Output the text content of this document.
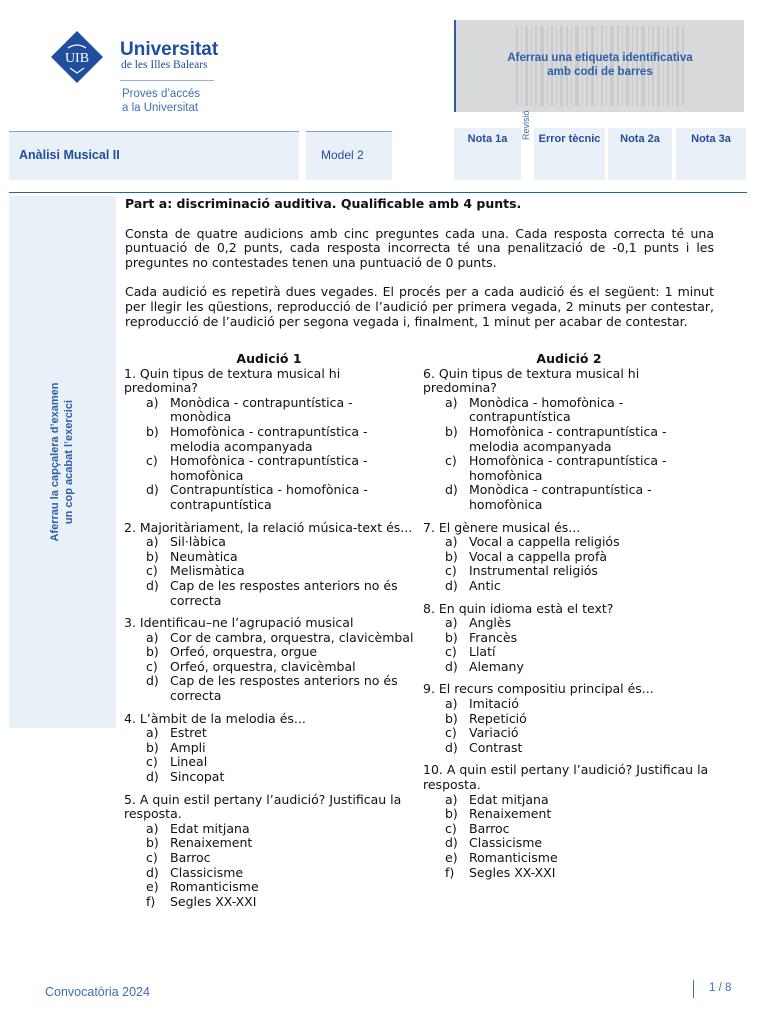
UIB Universitat
de les Illes Balears
Proves d’accés
a la Universitat
Aferrau una etiqueta identificativa
amb codi de barres
Anàlisi Musical II	Model 2
Nota 1a	Revisió Error tècnic	Nota 2a	Nota 3a
Aferrau la capçalera d’examen un cop acabat l’exercici

Part a: discriminació auditiva. Qualificable amb 4 punts.

Consta de quatre audicions amb cinc preguntes cada una. Cada resposta correcta té una puntuació de 0,2 punts, cada resposta incorrecta té una penalització de -0,1 punts i les preguntes no contestades tenen una puntuació de 0 punts.

Cada audició es repetirà dues vegades. El procés per a cada audició és el següent: 1 minut per llegir les qüestions, reproducció de l’audició per primera vegada, 2 minuts per contestar, reproducció de l’audició per segona vegada i, finalment, 1 minut per acabar de contestar.

Audició 1

1. Quin tipus de textura musical hi predomina?

a) Monòdica - contrapuntística - monòdica
b) Homofònica - contrapuntística - melodia acompanyada
c) Homofònica - contrapuntística - homofònica
d) Contrapuntística - homofònica - contrapuntística

2. Majoritàriament, la relació música-text és...

a) Sil·làbica
b) Neumàtica
c) Melismàtica
d) Cap de les respostes anteriors no és correcta

3. Identificau–ne l’agrupació musical

a) Cor de cambra, orquestra, clavicèmbal
b) Orfeó, orquestra, orgue
c) Orfeó, orquestra, clavicèmbal
d) Cap de les respostes anteriors no és correcta

4. L’àmbit de la melodia és...

a) Estret
b) Ampli
c) Lineal
d) Sincopat

5. A quin estil pertany l’audició? Justificau la resposta.

a) Edat mitjana
b) Renaixement
c) Barroc
d) Classicisme
e) Romanticisme
f)	Segles XX-XXI
Audició 2

6. Quin tipus de textura musical hi predomina?

a) Monòdica - homofònica - contrapuntística
b) Homofònica - contrapuntística - melodia acompanyada
c) Homofònica - contrapuntística - homofònica
d) Monòdica - contrapuntística - homofònica

7. El gènere musical és...

a) Vocal a cappella religiós
b) Vocal a cappella profà
c) Instrumental religiós
d) Antic

8. En quin idioma està el text?

a) Anglès
b) Francès
c) Llatí
d) Alemany

9. El recurs compositiu principal és...

a) Imitació
b) Repetició
c) Variació
d) Contrast

10. A quin estil pertany l’audició? Justificau la resposta.

a) Edat mitjana
b) Renaixement
c) Barroc
d) Classicisme
e) Romanticisme
f)	Segles XX-XXI
Convocatòria 2024	1 / 8
